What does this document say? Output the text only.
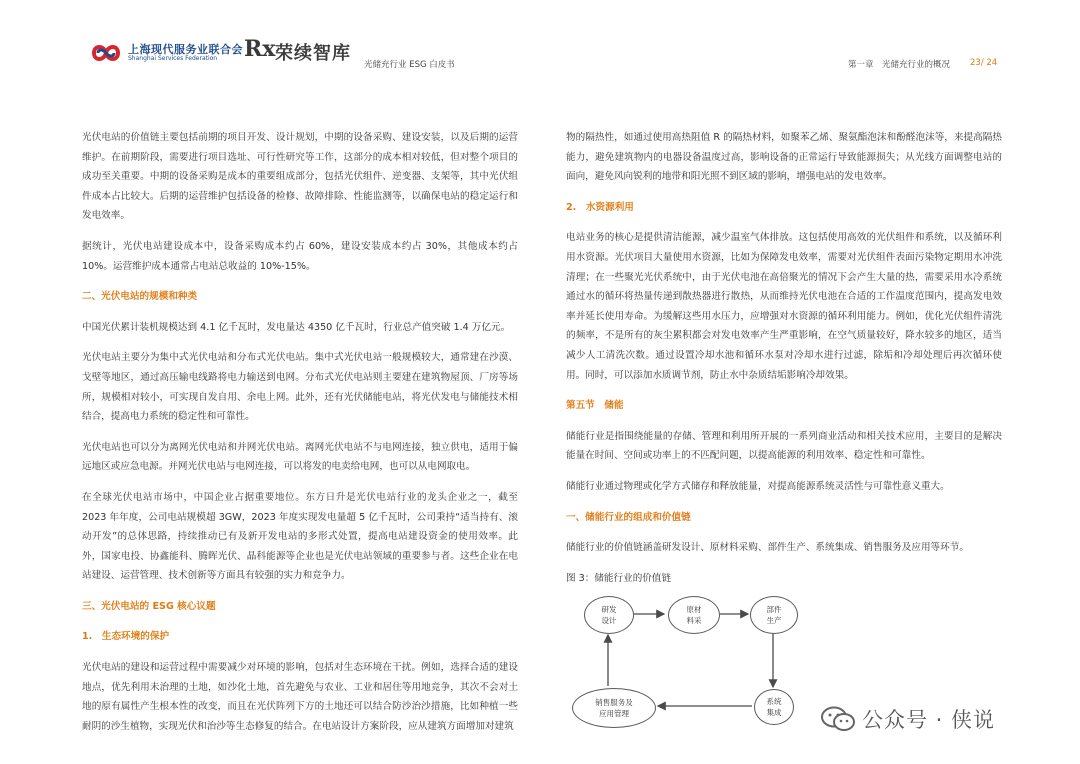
上海现代服务业联合会
Shanghai Services Federation Rx 荣续智库
光储充行业 ESG 白皮书	第一章　光储充行业的概况 23/ 24

光伏电站的价值链主要包括前期的项目开发、设计规划，中期的设备采购、建设安装，以及后期的运营维护。在前期阶段，需要进行项目选址、可行性研究等工作，这部分的成本相对较低，但对整个项目的成功至关重要。中期的设备采购是成本的重要组成部分，包括光伏组件、逆变器、支架等，其中光伏组件成本占比较大。后期的运营维护包括设备的检修、故障排除、性能监测等，以确保电站的稳定运行和发电效率。

据统计，光伏电站建设成本中，设备采购成本约占 60%，建设安装成本约占 30%，其他成本约占 10%。运营维护成本通常占电站总收益的 10%-15%。

二、光伏电站的规模和种类

中国光伏累计装机规模达到 4.1 亿千瓦时，发电量达 4350 亿千瓦时，行业总产值突破 1.4 万亿元。

光伏电站主要分为集中式光伏电站和分布式光伏电站。集中式光伏电站一般规模较大，通常建在沙漠、戈壁等地区，通过高压输电线路将电力输送到电网。分布式光伏电站则主要建在建筑物屋顶、厂房等场所，规模相对较小，可实现自发自用、余电上网。此外，还有光伏储能电站，将光伏发电与储能技术相结合，提高电力系统的稳定性和可靠性。

光伏电站也可以分为离网光伏电站和并网光伏电站。离网光伏电站不与电网连接，独立供电，适用于偏远地区或应急电源。并网光伏电站与电网连接，可以将发的电卖给电网，也可以从电网取电。

在全球光伏电站市场中，中国企业占据重要地位。东方日升是光伏电站行业的龙头企业之一，截至 2023 年年度，公司电站规模超 3GW，2023 年度实现发电量超 5 亿千瓦时，公司秉持“适当持有、滚动开发”的总体思路，持续推动已有及新开发电站的多形式处置，提高电站建设资金的使用效率。此外，国家电投、协鑫能科、腾晖光伏、晶科能源等企业也是光伏电站领域的重要参与者。这些企业在电站建设、运营管理、技术创新等方面具有较强的实力和竞争力。

三、光伏电站的 ESG 核心议题

1.　生态环境的保护

光伏电站的建设和运营过程中需要减少对环境的影响，包括对生态环境在干扰。例如，选择合适的建设地点，优先利用未治理的土地，如沙化土地，首先避免与农业、工业和居住等用地竞争，其次不会对土地的原有属性产生根本性的改变，而且在光伏阵列下方的土地还可以结合防沙治沙措施，比如种植一些耐阴的沙生植物，实现光伏和治沙等生态修复的结合。在电站设计方案阶段，应从建筑方面增加对建筑

物的隔热性，如通过使用高热阻值 R 的隔热材料，如聚苯乙烯、聚氨酯泡沫和酚醛泡沫等，来提高隔热能力，避免建筑物内的电器设备温度过高，影响设备的正常运行导致能源损失；从光线方面调整电站的面向，避免风向锐利的地带和阳光照不到区域的影响，增强电站的发电效率。

2.　水资源利用

电站业务的核心是提供清洁能源，减少温室气体排放。这包括使用高效的光伏组件和系统，以及循环利用水资源。光伏项目大量使用水资源，比如为保障发电效率，需要对光伏组件表面污染物定期用水冲洗清理；在一些聚光光伏系统中，由于光伏电池在高倍聚光的情况下会产生大量的热，需要采用水冷系统通过水的循环将热量传递到散热器进行散热，从而维持光伏电池在合适的工作温度范围内，提高发电效率并延长使用寿命。为缓解这些用水压力，应增强对水资源的循环利用能力。例如，优化光伏组件清洗的频率，不是所有的灰尘累积都会对发电效率产生严重影响，在空气质量较好，降水较多的地区，适当减少人工清洗次数。通过设置冷却水池和循环水泵对冷却水进行过滤，除垢和冷却处理后再次循环使用。同时，可以添加水质调节剂，防止水中杂质结垢影响冷却效果。

第五节　储能

储能行业是指围绕能量的存储、管理和利用所开展的一系列商业活动和相关技术应用，主要目的是解决能量在时间、空间或功率上的不匹配问题，以提高能源的利用效率、稳定性和可靠性。

储能行业通过物理或化学方式储存和释放能量，对提高能源系统灵活性与可靠性意义重大。

一、储能行业的组成和价值链

储能行业的价值链涵盖研发设计、原材料采购、部件生产、系统集成、销售服务及应用等环节。

图 3：储能行业的价值链

研发
设计
原材
料采
部件
生产
系统
集成
销售服务及
应用管理	公众号 · 侠说
